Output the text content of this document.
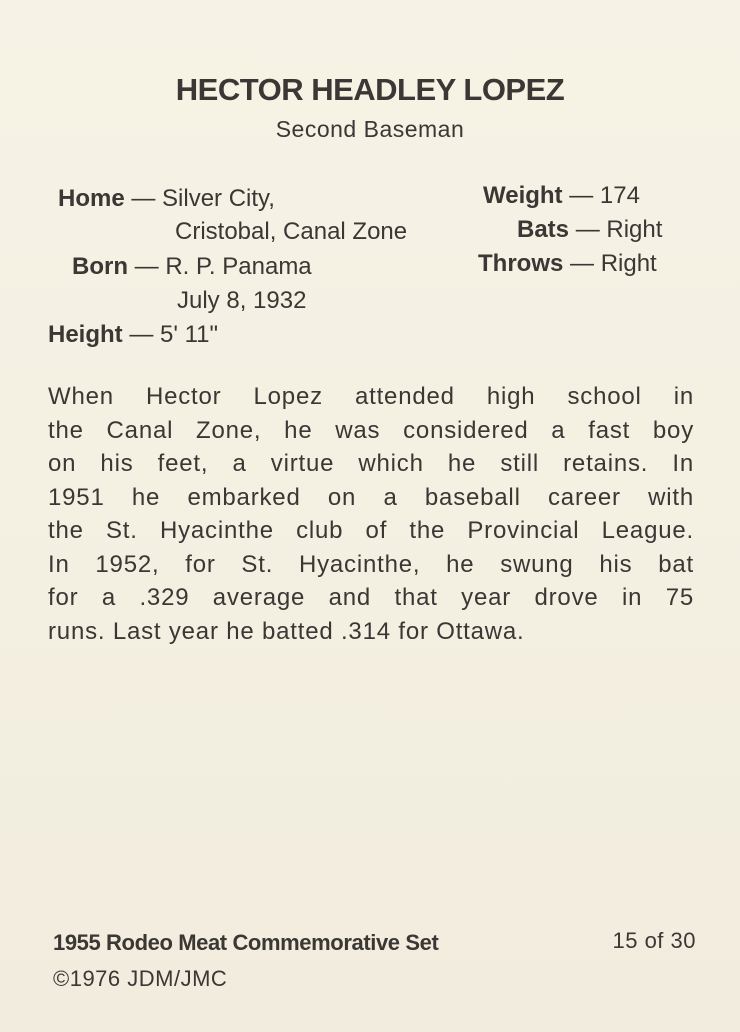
HECTOR HEADLEY LOPEZ
Second Baseman
Home — Silver City,
Cristobal, Canal Zone
Born — R. P. Panama
July 8, 1932
Height — 5' 11"
Weight — 174
Bats — Right
Throws — Right
When Hector Lopez attended high school in
the Canal Zone, he was considered a fast boy
on his feet, a virtue which he still retains. In
1951 he embarked on a baseball career with
the St. Hyacinthe club of the Provincial League.
In 1952, for St. Hyacinthe, he swung his bat
for a .329 average and that year drove in 75
runs. Last year he batted .314 for Ottawa.
1955 Rodeo Meat Commemorative Set	15 of 30
©1976 JDM/JMC
